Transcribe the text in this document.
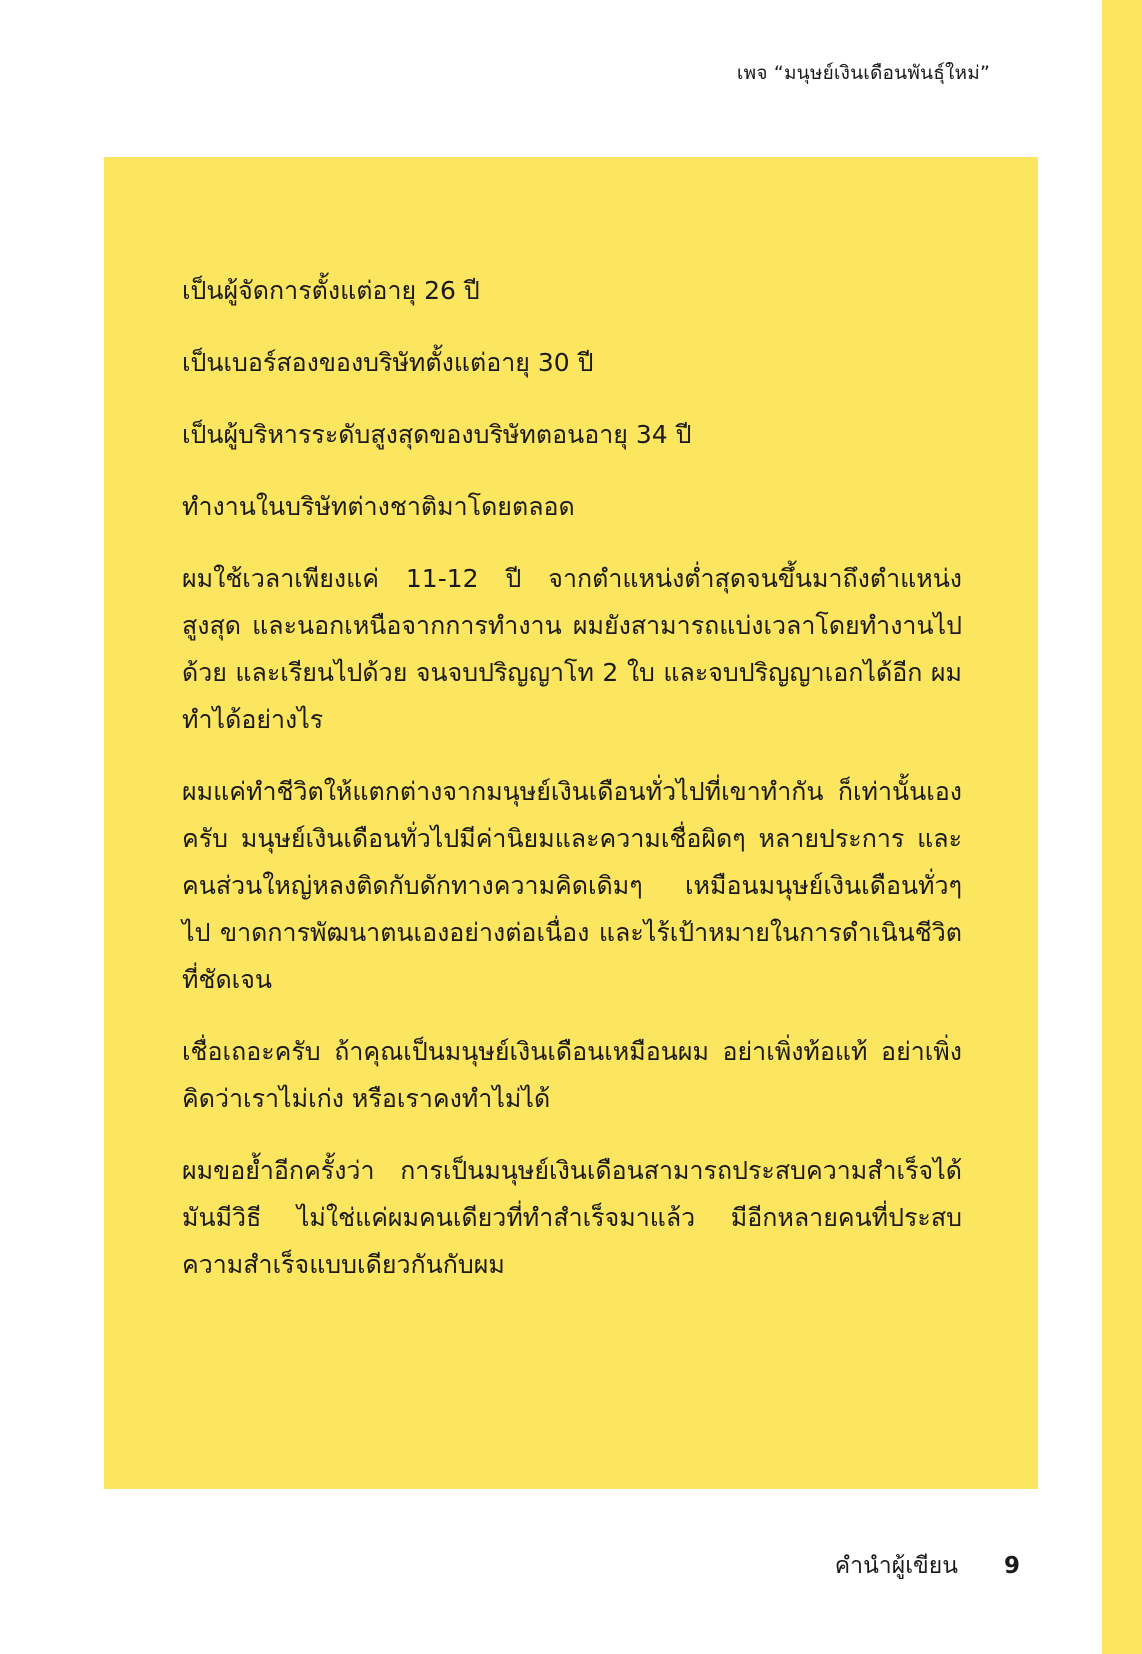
เพจ “มนุษย์เงินเดือนพันธุ์ใหม่”

เป็นผู้จัดการตั้งแต่อายุ 26 ปี

เป็นเบอร์สองของบริษัทตั้งแต่อายุ 30 ปี

เป็นผู้บริหารระดับสูงสุดของบริษัทตอนอายุ 34 ปี

ทำงานในบริษัทต่างชาติมาโดยตลอด

ผมใช้เวลาเพียงแค่ 11-12 ปี จากตำแหน่งต่ำสุดจนขึ้นมาถึงตำแหน่งสูงสุด และนอกเหนือจากการทำงาน ผมยังสามารถแบ่งเวลาโดยทำงานไปด้วย และเรียนไปด้วย จนจบปริญญาโท 2 ใบ และจบปริญญาเอกได้อีก ผมทำได้อย่างไร

ผมแค่ทำชีวิตให้แตกต่างจากมนุษย์เงินเดือนทั่วไปที่เขาทำกัน ก็เท่านั้นเองครับ มนุษย์เงินเดือนทั่วไปมีค่านิยมและความเชื่อผิดๆ หลายประการ และคนส่วนใหญ่หลงติดกับดักทางความคิดเดิมๆ เหมือนมนุษย์เงินเดือนทั่วๆ ไป ขาดการพัฒนาตนเองอย่างต่อเนื่อง และไร้เป้าหมายในการดำเนินชีวิตที่ชัดเจน

เชื่อเถอะครับ ถ้าคุณเป็นมนุษย์เงินเดือนเหมือนผม อย่าเพิ่งท้อแท้ อย่าเพิ่งคิดว่าเราไม่เก่ง หรือเราคงทำไม่ได้

ผมขอย้ำอีกครั้งว่า การเป็นมนุษย์เงินเดือนสามารถประสบความสำเร็จได้ มันมีวิธี ไม่ใช่แค่ผมคนเดียวที่ทำสำเร็จมาแล้ว มีอีกหลายคนที่ประสบความสำเร็จแบบเดียวกันกับผม

คำนำผู้เขียน 9
